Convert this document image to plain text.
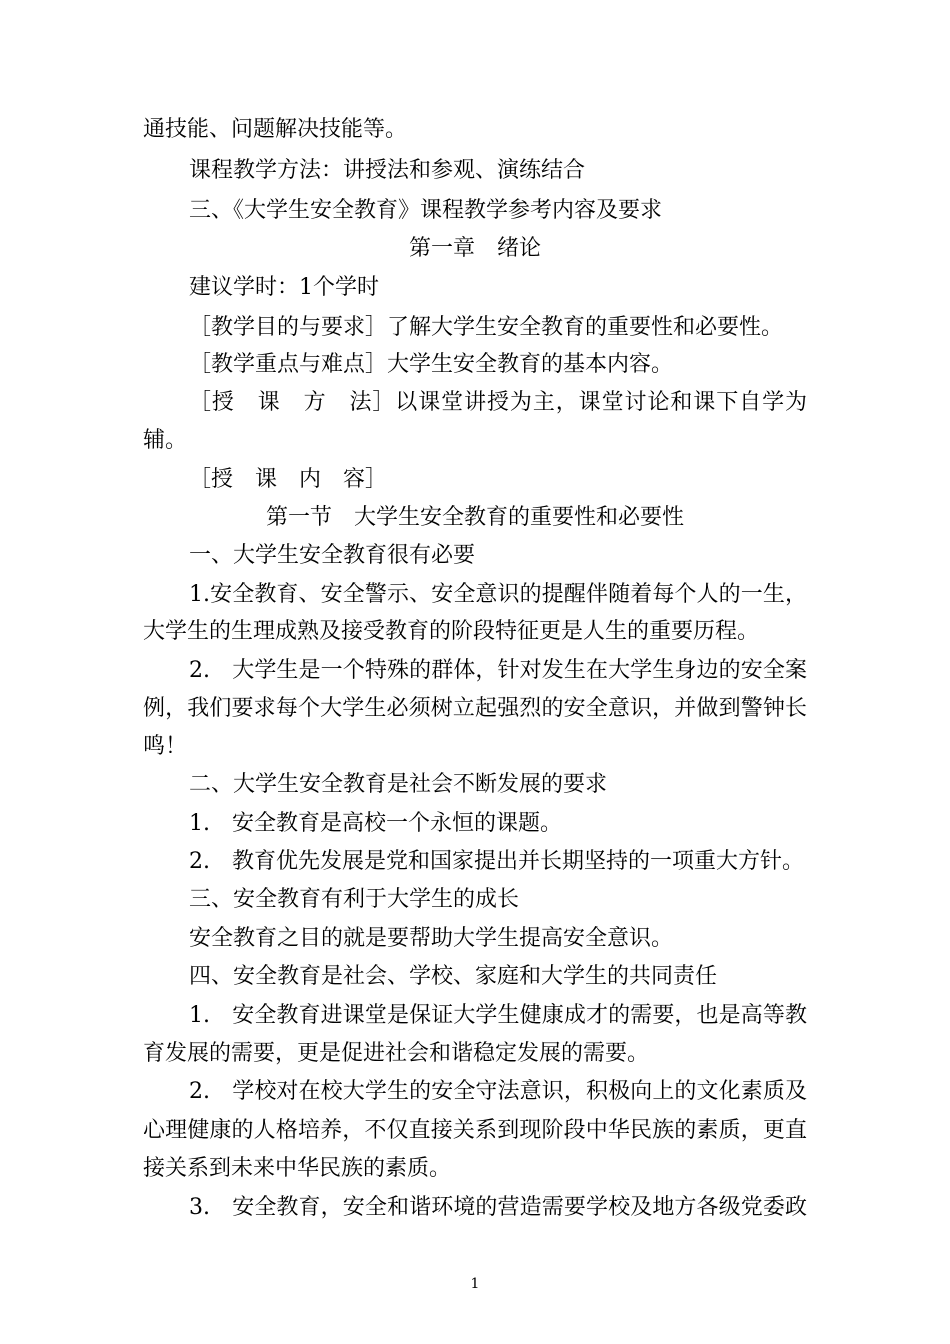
通技能、问题解决技能等。
课程教学方法：讲授法和参观、演练结合
三、《大学生安全教育》课程教学参考内容及要求
第一章　绪论
建议学时：1个学时
［教学目的与要求］了解大学生安全教育的重要性和必要性。
［教学重点与难点］大学生安全教育的基本内容。
［授　课　方　法］以课堂讲授为主，课堂讨论和课下自学为
辅。
［授　课　内　容］
第一节　大学生安全教育的重要性和必要性
一、大学生安全教育很有必要
1.安全教育、安全警示、安全意识的提醒伴随着每个人的一生，
大学生的生理成熟及接受教育的阶段特征更是人生的重要历程。
2.　大学生是一个特殊的群体，针对发生在大学生身边的安全案
例，我们要求每个大学生必须树立起强烈的安全意识，并做到警钟长
鸣！
二、大学生安全教育是社会不断发展的要求
1.　安全教育是高校一个永恒的课题。
2.　教育优先发展是党和国家提出并长期坚持的一项重大方针。
三、安全教育有利于大学生的成长
安全教育之目的就是要帮助大学生提高安全意识。
四、安全教育是社会、学校、家庭和大学生的共同责任
1.　安全教育进课堂是保证大学生健康成才的需要，也是高等教
育发展的需要，更是促进社会和谐稳定发展的需要。
2.　学校对在校大学生的安全守法意识，积极向上的文化素质及
心理健康的人格培养，不仅直接关系到现阶段中华民族的素质，更直
接关系到未来中华民族的素质。
3.　安全教育，安全和谐环境的营造需要学校及地方各级党委政
1
